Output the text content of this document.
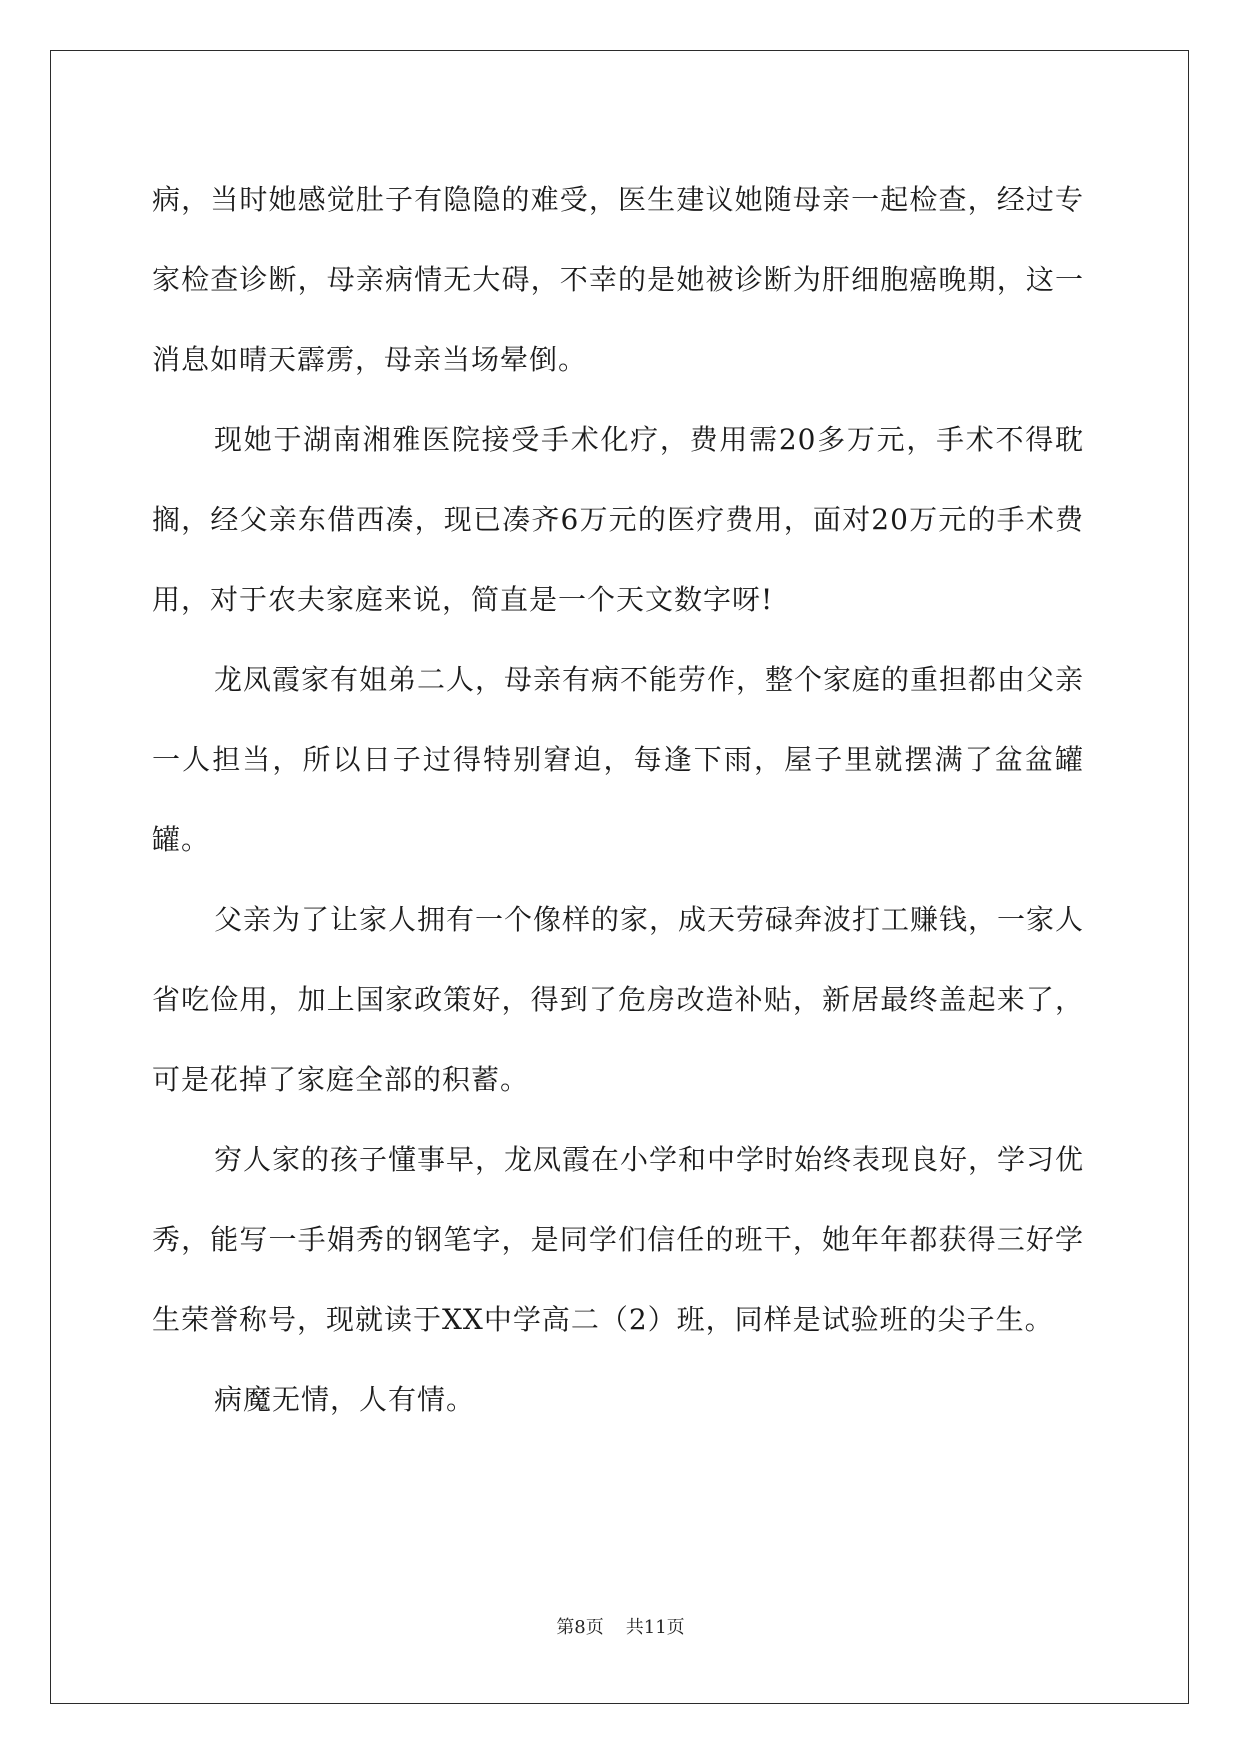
病，当时她感觉肚子有隐隐的难受，医生建议她随母亲一起检查，经过专家检查诊断，母亲病情无大碍，不幸的是她被诊断为肝细胞癌晚期，这一消息如晴天霹雳，母亲当场晕倒。

现她于湖南湘雅医院接受手术化疗，费用需20多万元，手术不得耽搁，经父亲东借西凑，现已凑齐6万元的医疗费用，面对20万元的手术费用，对于农夫家庭来说，简直是一个天文数字呀!

龙凤霞家有姐弟二人，母亲有病不能劳作，整个家庭的重担都由父亲一人担当，所以日子过得特别窘迫，每逢下雨，屋子里就摆满了盆盆罐罐。

父亲为了让家人拥有一个像样的家，成天劳碌奔波打工赚钱，一家人省吃俭用，加上国家政策好，得到了危房改造补贴，新居最终盖起来了，可是花掉了家庭全部的积蓄。

穷人家的孩子懂事早，龙凤霞在小学和中学时始终表现良好，学习优秀，能写一手娟秀的钢笔字，是同学们信任的班干，她年年都获得三好学生荣誉称号，现就读于XX中学高二（2）班，同样是试验班的尖子生。

病魔无情，人有情。

第8页 共11页
